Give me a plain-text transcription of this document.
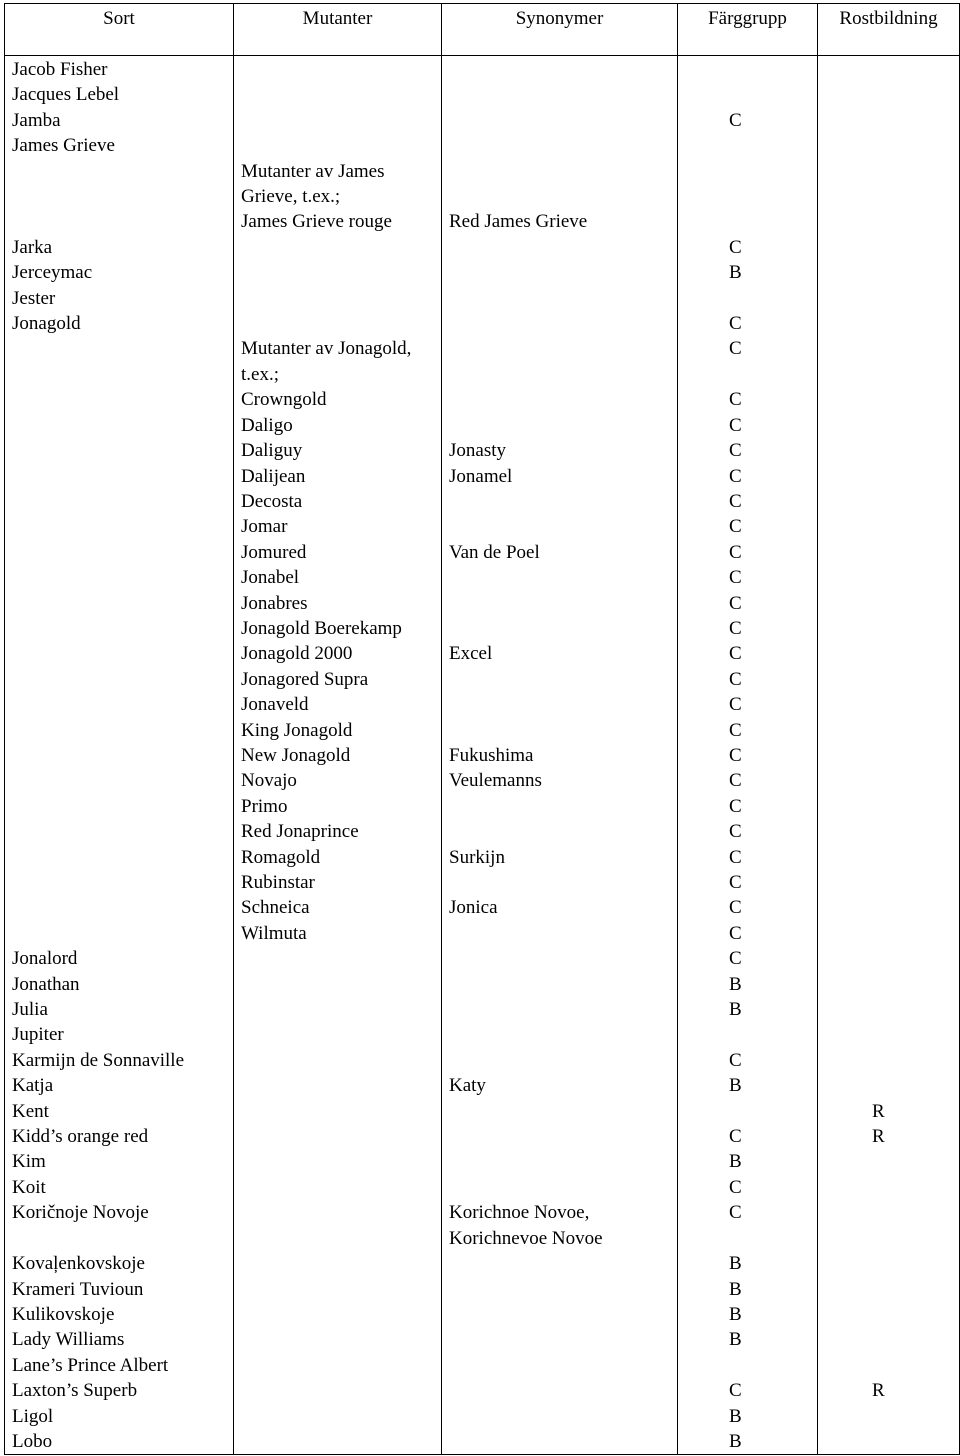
Sort	Mutanter	Synonymer	Färggrupp	Rostbildning
Jacob Fisher				
Jacques Lebel				
Jamba			C	
James Grieve				
	Mutanter av James Grieve, t.ex.;			
	James Grieve rouge	Red James Grieve		
Jarka			C	
Jerceymac			B	
Jester				
Jonagold			C	
	Mutanter av Jonagold, t.ex.;		C	
	Crowngold		C	
	Daligo		C	
	Daliguy	Jonasty	C	
	Dalijean	Jonamel	C	
	Decosta		C	
	Jomar		C	
	Jomured	Van de Poel	C	
	Jonabel		C	
	Jonabres		C	
	Jonagold Boerekamp		C	
	Jonagold 2000	Excel	C	
	Jonagored Supra		C	
	Jonaveld		C	
	King Jonagold		C	
	New Jonagold	Fukushima	C	
	Novajo	Veulemanns	C	
	Primo		C	
	Red Jonaprince		C	
	Romagold	Surkijn	C	
	Rubinstar		C	
	Schneica	Jonica	C	
	Wilmuta		C	
Jonalord			C	
Jonathan			B	
Julia			B	
Jupiter				
Karmijn de Sonnaville			C	
Katja		Katy	B	
Kent				R
Kidd’s orange red			C	R
Kim			B	
Koit			C	
Koričnoje Novoje		Korichnoe Novoe, Korichnevoe Novoe	C	
Kovaļenkovskoje			B	
Krameri Tuvioun			B	
Kulikovskoje			B	
Lady Williams			B	
Lane’s Prince Albert				
Laxton’s Superb			C	R
Ligol			B	
Lobo			B	
